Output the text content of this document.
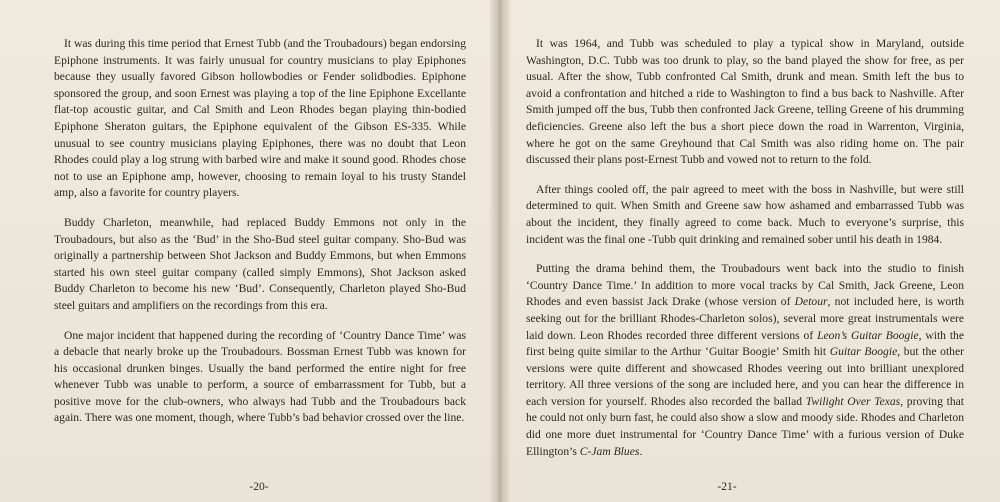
It was during this time period that Ernest Tubb (and the Troubadours) began endorsing Epiphone instruments. It was fairly unusual for country musicians to play Epiphones because they usually favored Gibson hollowbodies or Fender solidbodies. Epiphone sponsored the group, and soon Ernest was playing a top of the line Epiphone Excellante flat-top acoustic guitar, and Cal Smith and Leon Rhodes began playing thin-bodied Epiphone Sheraton guitars, the Epiphone equivalent of the Gibson ES-335. While unusual to see country musicians playing Epiphones, there was no doubt that Leon Rhodes could play a log strung with barbed wire and make it sound good. Rhodes chose not to use an Epiphone amp, however, choosing to remain loyal to his trusty Standel amp, also a favorite for country players.

Buddy Charleton, meanwhile, had replaced Buddy Emmons not only in the Troubadours, but also as the ‘Bud’ in the Sho-Bud steel guitar company. Sho-Bud was originally a partnership between Shot Jackson and Buddy Emmons, but when Emmons started his own steel guitar company (called simply Emmons), Shot Jackson asked Buddy Charleton to become his new ‘Bud’. Consequently, Charleton played Sho-Bud steel guitars and amplifiers on the recordings from this era.

One major incident that happened during the recording of ‘Country Dance Time’ was a debacle that nearly broke up the Troubadours. Bossman Ernest Tubb was known for his occasional drunken binges. Usually the band performed the entire night for free whenever Tubb was unable to perform, a source of embarrassment for Tubb, but a positive move for the club-owners, who always had Tubb and the Troubadours back again. There was one moment, though, where Tubb’s bad behavior crossed over the line.

-20-

It was 1964, and Tubb was scheduled to play a typical show in Maryland, outside Washington, D.C. Tubb was too drunk to play, so the band played the show for free, as per usual. After the show, Tubb confronted Cal Smith, drunk and mean. Smith left the bus to avoid a confrontation and hitched a ride to Washington to find a bus back to Nashville. After Smith jumped off the bus, Tubb then confronted Jack Greene, telling Greene of his drumming deficiencies. Greene also left the bus a short piece down the road in Warrenton, Virginia, where he got on the same Greyhound that Cal Smith was also riding home on. The pair discussed their plans post-Ernest Tubb and vowed not to return to the fold.

After things cooled off, the pair agreed to meet with the boss in Nashville, but were still determined to quit. When Smith and Greene saw how ashamed and embarrassed Tubb was about the incident, they finally agreed to come back. Much to everyone’s surprise, this incident was the final one -Tubb quit drinking and remained sober until his death in 1984.

Putting the drama behind them, the Troubadours went back into the studio to finish ‘Country Dance Time.’ In addition to more vocal tracks by Cal Smith, Jack Greene, Leon Rhodes and even bassist Jack Drake (whose version of Detour, not included here, is worth seeking out for the brilliant Rhodes-Charleton solos), several more great instrumentals were laid down. Leon Rhodes recorded three different versions of Leon’s Guitar Boogie, with the first being quite similar to the Arthur ‘Guitar Boogie’ Smith hit Guitar Boogie, but the other versions were quite different and showcased Rhodes veering out into brilliant unexplored territory. All three versions of the song are included here, and you can hear the difference in each version for yourself. Rhodes also recorded the ballad Twilight Over Texas, proving that he could not only burn fast, he could also show a slow and moody side. Rhodes and Charleton did one more duet instrumental for ‘Country Dance Time’ with a furious version of Duke Ellington’s C-Jam Blues.

-21-
